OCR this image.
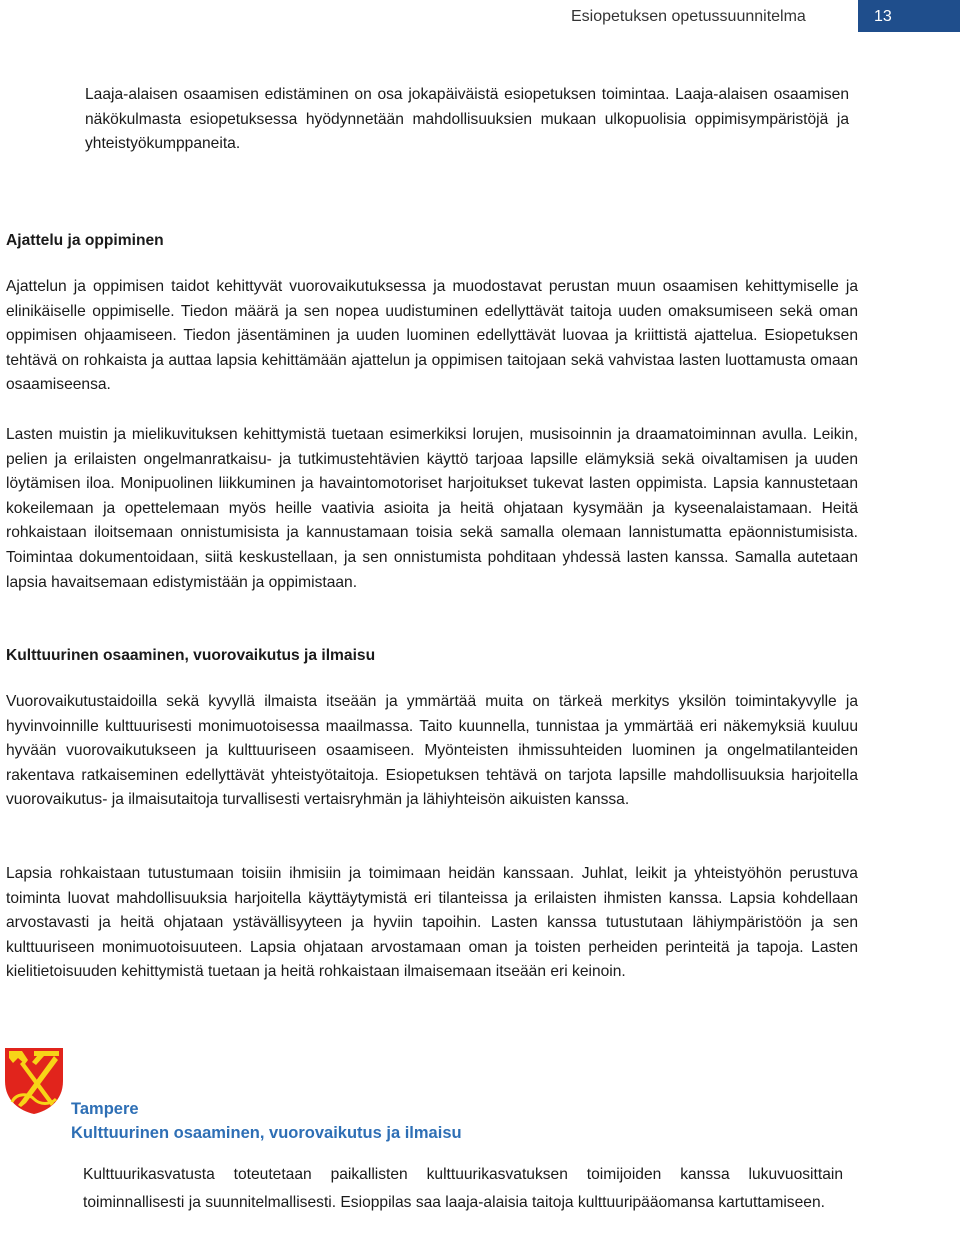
Esiopetuksen opetussuunnitelma	13

Laaja-alaisen osaamisen edistäminen on osa jokapäiväistä esiopetuksen toimintaa. Laaja-alaisen osaamisen näkökulmasta esiopetuksessa hyödynnetään mahdollisuuksien mukaan ulkopuolisia oppimisympäristöjä ja yhteistyökumppaneita.

Ajattelu ja oppiminen

Ajattelun ja oppimisen taidot kehittyvät vuorovaikutuksessa ja muodostavat perustan muun osaamisen kehittymiselle ja elinikäiselle oppimiselle. Tiedon määrä ja sen nopea uudistuminen edellyttävät taitoja uuden omaksumiseen sekä oman oppimisen ohjaamiseen. Tiedon jäsentäminen ja uuden luominen edellyttävät luovaa ja kriittistä ajattelua. Esiopetuksen tehtävä on rohkaista ja auttaa lapsia kehittämään ajattelun ja oppimisen taitojaan sekä vahvistaa lasten luottamusta omaan osaamiseensa.

Lasten muistin ja mielikuvituksen kehittymistä tuetaan esimerkiksi lorujen, musisoinnin ja draamatoiminnan avulla. Leikin, pelien ja erilaisten ongelmanratkaisu- ja tutkimustehtävien käyttö tarjoaa lapsille elämyksiä sekä oivaltamisen ja uuden löytämisen iloa. Monipuolinen liikkuminen ja havaintomotoriset harjoitukset tukevat lasten oppimista. Lapsia kannustetaan kokeilemaan ja opettelemaan myös heille vaativia asioita ja heitä ohjataan kysymään ja kyseenalaistamaan. Heitä rohkaistaan iloitsemaan onnistumisista ja kannustamaan toisia sekä samalla olemaan lannistumatta epäonnistumisista. Toimintaa dokumentoidaan, siitä keskustellaan, ja sen onnistumista pohditaan yhdessä lasten kanssa. Samalla autetaan lapsia havaitsemaan edistymistään ja oppimistaan.

Kulttuurinen osaaminen, vuorovaikutus ja ilmaisu

Vuorovaikutustaidoilla sekä kyvyllä ilmaista itseään ja ymmärtää muita on tärkeä merkitys yksilön toimintakyvylle ja hyvinvoinnille kulttuurisesti monimuotoisessa maailmassa. Taito kuunnella, tunnistaa ja ymmärtää eri näkemyksiä kuuluu hyvään vuorovaikutukseen ja kulttuuriseen osaamiseen. Myönteisten ihmissuhteiden luominen ja ongelmatilanteiden rakentava ratkaiseminen edellyttävät yhteistyötaitoja. Esiopetuksen tehtävä on tarjota lapsille mahdollisuuksia harjoitella vuorovaikutus- ja ilmaisutaitoja turvallisesti vertaisryhmän ja lähiyhteisön aikuisten kanssa.

Lapsia rohkaistaan tutustumaan toisiin ihmisiin ja toimimaan heidän kanssaan. Juhlat, leikit ja yhteistyöhön perustuva toiminta luovat mahdollisuuksia harjoitella käyttäytymistä eri tilanteissa ja erilaisten ihmisten kanssa. Lapsia kohdellaan arvostavasti ja heitä ohjataan ystävällisyyteen ja hyviin tapoihin. Lasten kanssa tutustutaan lähiympäristöön ja sen kulttuuriseen monimuotoisuuteen. Lapsia ohjataan arvostamaan oman ja toisten perheiden perinteitä ja tapoja. Lasten kielitietoisuuden kehittymistä tuetaan ja heitä rohkaistaan ilmaisemaan itseään eri keinoin.

Tampere
Kulttuurinen osaaminen, vuorovaikutus ja ilmaisu

Kulttuurikasvatusta toteutetaan paikallisten kulttuurikasvatuksen toimijoiden kanssa lukuvuosittain toiminnallisesti ja suunnitelmallisesti. Esioppilas saa laaja-alaisia taitoja kulttuuripääomansa kartuttamiseen.
